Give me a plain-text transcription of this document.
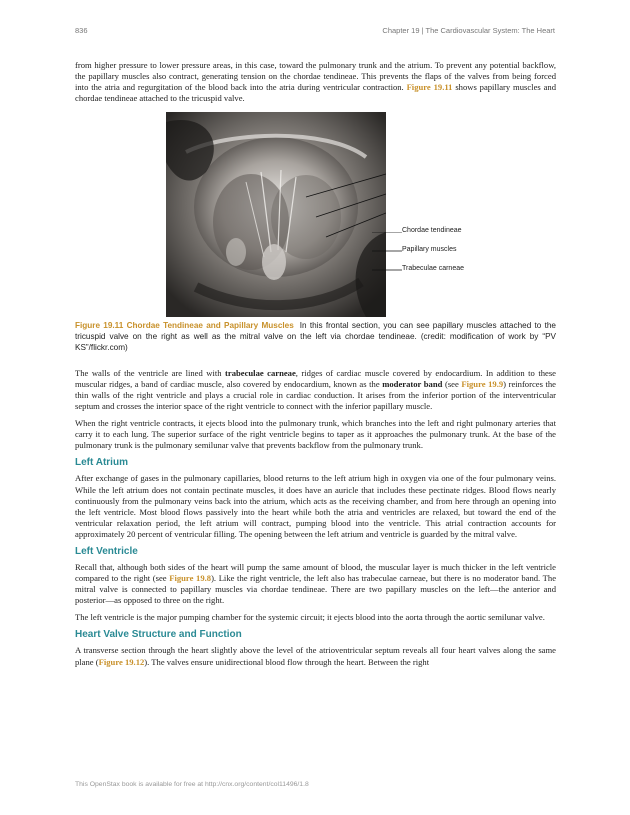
836	Chapter 19 | The Cardiovascular System: The Heart

from higher pressure to lower pressure areas, in this case, toward the pulmonary trunk and the atrium. To prevent any potential backflow, the papillary muscles also contract, generating tension on the chordae tendineae. This prevents the flaps of the valves from being forced into the atria and regurgitation of the blood back into the atria during ventricular contraction. Figure 19.11 shows papillary muscles and chordae tendineae attached to the tricuspid valve.

Chordae tendineae
Papillary muscles
Trabeculae carneae
Figure 19.11 Chordae Tendineae and Papillary Muscles In this frontal section, you can see papillary muscles attached to the tricuspid valve on the right as well as the mitral valve on the left via chordae tendineae. (credit: modification of work by “PV KS”/flickr.com)

The walls of the ventricle are lined with trabeculae carneae, ridges of cardiac muscle covered by endocardium. In addition to these muscular ridges, a band of cardiac muscle, also covered by endocardium, known as the moderator band (see Figure 19.9) reinforces the thin walls of the right ventricle and plays a crucial role in cardiac conduction. It arises from the inferior portion of the interventricular septum and crosses the interior space of the right ventricle to connect with the inferior papillary muscle.

When the right ventricle contracts, it ejects blood into the pulmonary trunk, which branches into the left and right pulmonary arteries that carry it to each lung. The superior surface of the right ventricle begins to taper as it approaches the pulmonary trunk. At the base of the pulmonary trunk is the pulmonary semilunar valve that prevents backflow from the pulmonary trunk.

Left Atrium

After exchange of gases in the pulmonary capillaries, blood returns to the left atrium high in oxygen via one of the four pulmonary veins. While the left atrium does not contain pectinate muscles, it does have an auricle that includes these pectinate ridges. Blood flows nearly continuously from the pulmonary veins back into the atrium, which acts as the receiving chamber, and from here through an opening into the left ventricle. Most blood flows passively into the heart while both the atria and ventricles are relaxed, but toward the end of the ventricular relaxation period, the left atrium will contract, pumping blood into the ventricle. This atrial contraction accounts for approximately 20 percent of ventricular filling. The opening between the left atrium and ventricle is guarded by the mitral valve.

Left Ventricle

Recall that, although both sides of the heart will pump the same amount of blood, the muscular layer is much thicker in the left ventricle compared to the right (see Figure 19.8). Like the right ventricle, the left also has trabeculae carneae, but there is no moderator band. The mitral valve is connected to papillary muscles via chordae tendineae. There are two papillary muscles on the left—the anterior and posterior—as opposed to three on the right.

The left ventricle is the major pumping chamber for the systemic circuit; it ejects blood into the aorta through the aortic semilunar valve.

Heart Valve Structure and Function

A transverse section through the heart slightly above the level of the atrioventricular septum reveals all four heart valves along the same plane (Figure 19.12). The valves ensure unidirectional blood flow through the heart. Between the right

This OpenStax book is available for free at http://cnx.org/content/col11496/1.8
